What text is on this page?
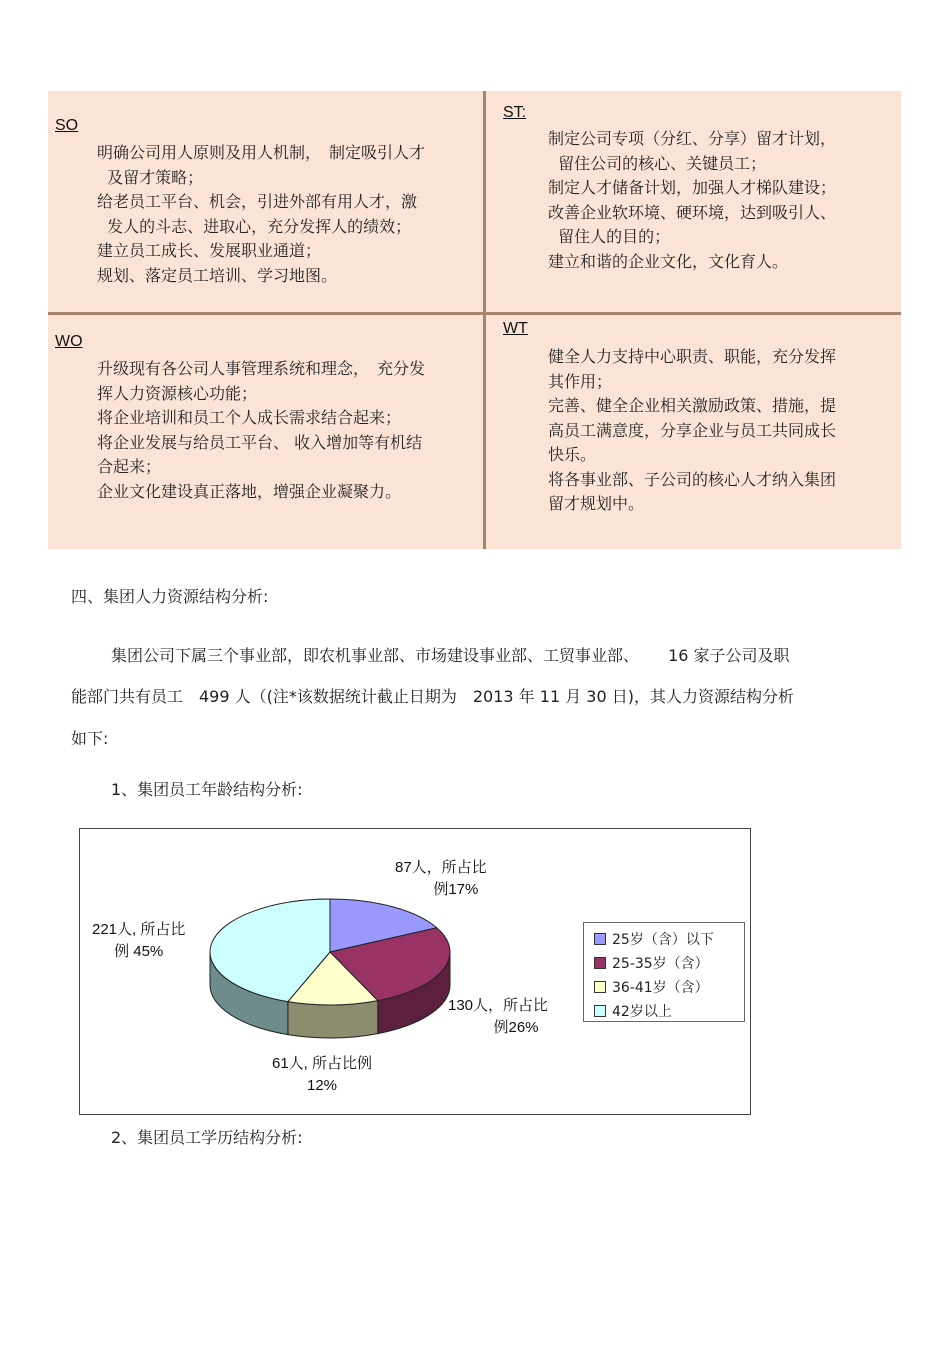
SO
明确公司用人原则及用人机制，　制定吸引人才
及留才策略；
给老员工平台、机会，引进外部有用人才，激
发人的斗志、进取心，充分发挥人的绩效；
建立员工成长、发展职业通道；
规划、落定员工培训、学习地图。
ST:
制定公司专项（分红、分享）留才计划，
留住公司的核心、关键员工；
制定人才储备计划，加强人才梯队建设；
改善企业软环境、硬环境，达到吸引人、
留住人的目的；
建立和谐的企业文化，文化育人。
WO
升级现有各公司人事管理系统和理念，　充分发
挥人力资源核心功能；
将企业培训和员工个人成长需求结合起来；
将企业发展与给员工平台、 收入增加等有机结
合起来；
企业文化建设真正落地，增强企业凝聚力。
WT
健全人力支持中心职责、职能，充分发挥
其作用；
完善、健全企业相关激励政策、措施，提
高员工满意度，分享企业与员工共同成长
快乐。
将各事业部、子公司的核心人才纳入集团
留才规划中。
四、集团人力资源结构分析:
集团公司下属三个事业部，即农机事业部、市场建设事业部、工贸事业部、　　 16 家子公司及职
能部门共有员工　499 人（(注*该数据统计截止日期为　2013 年 11 月 30 日)，其人力资源结构分析
如下:
1、集团员工年龄结构分析:
87人，所占比
例17%
130人，所占比
例26%
61人, 所占比例
12%
221人, 所占比
例 45%
25岁（含）以下
25-35岁（含）
36-41岁（含）
42岁以上
2、集团员工学历结构分析:
